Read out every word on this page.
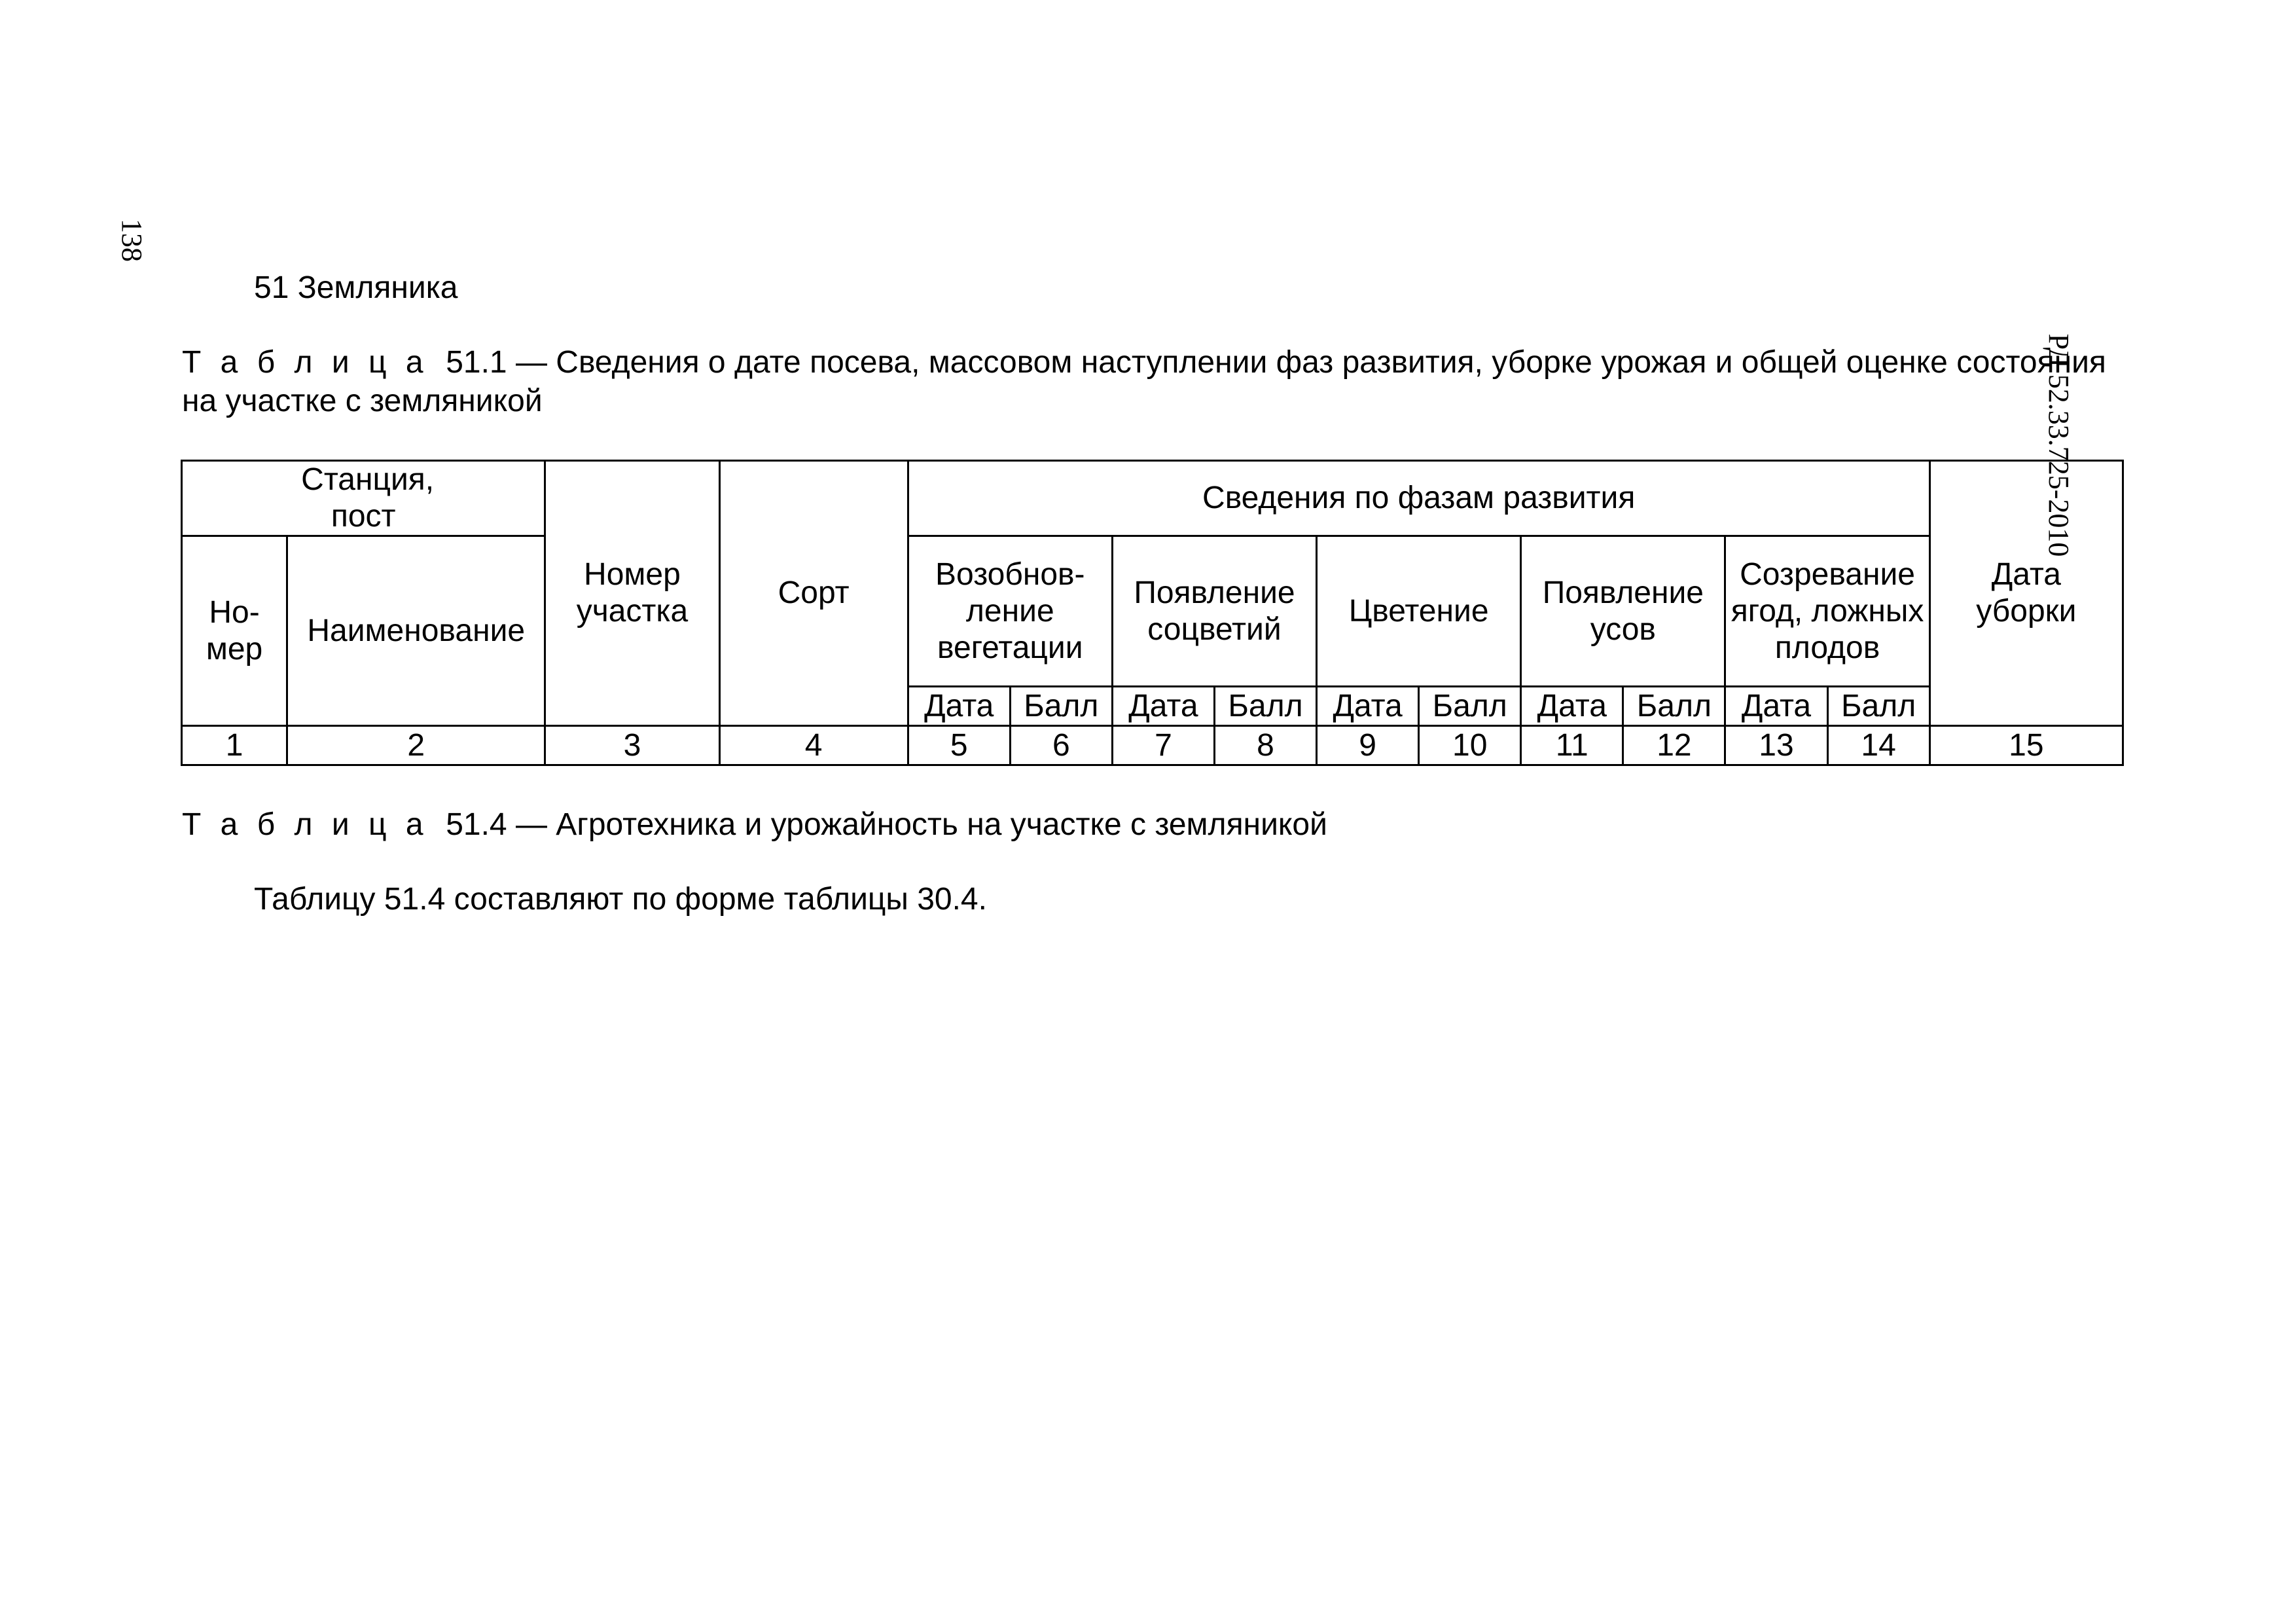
138
РД 52.33.725-2010
51 Земляника
Т а б л и ц а 51.1 — Сведения о дате посева, массовом наступлении фаз развития, уборке урожая и общей оценке состояния на участке с земляникой
Станция, пост		Номер участка	Сорт	Сведения по фазам развития										Дата уборки

Но-мер	Наименование			Возобнов-ление вегетации		Появление соцветий		Цветение		Появление усов		Созревание ягод, ложных плодов		

				Дата	Балл	Дата	Балл	Дата	Балл	Дата	Балл	Дата	Балл	
1	2	3	4	5	6	7	8	9	10	11	12	13	14	15
Т а б л и ц а 51.4 — Агротехника и урожайность на участке с земляникой
Таблицу 51.4 составляют по форме таблицы 30.4.
